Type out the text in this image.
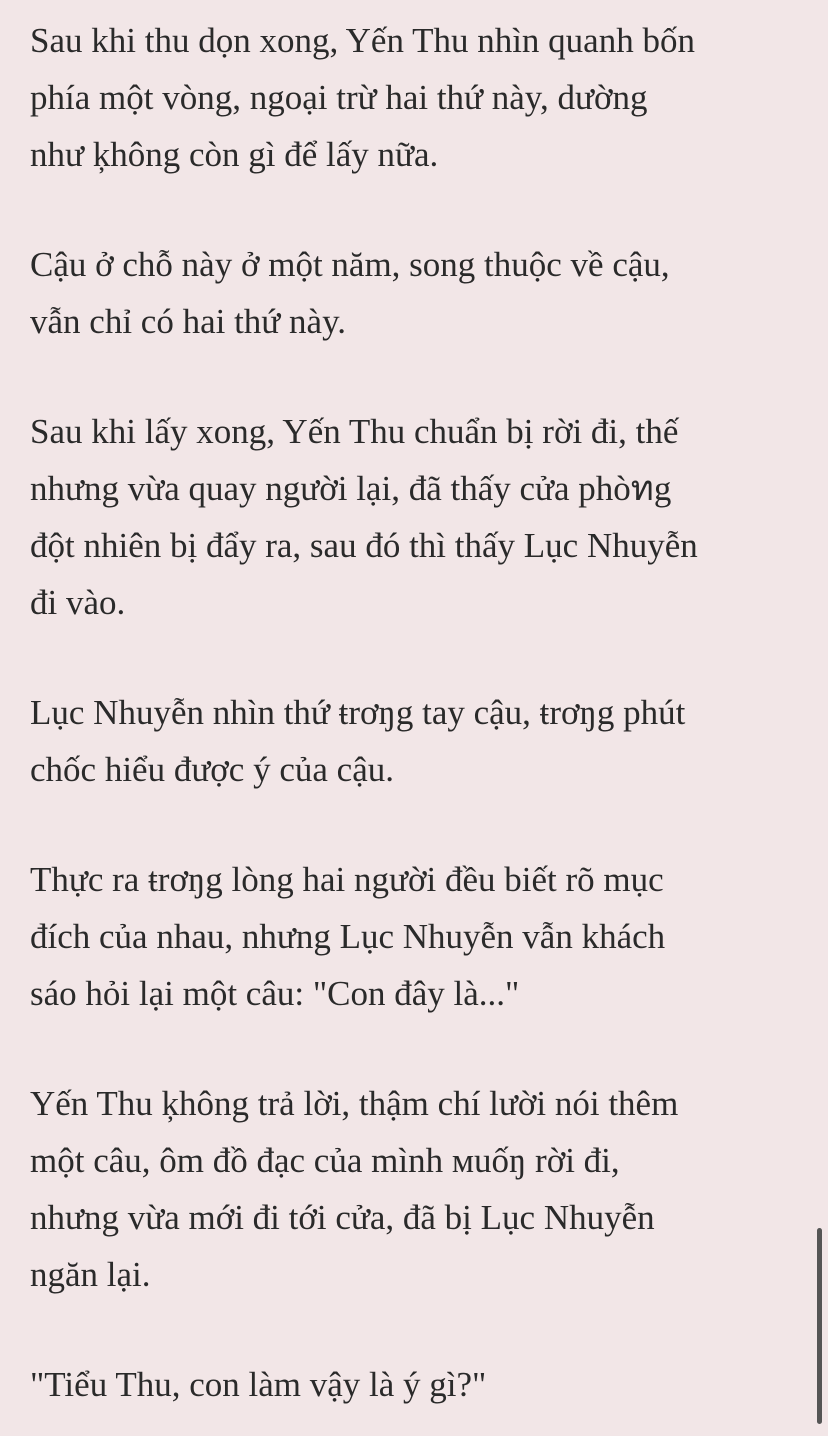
Sau khi thu dọn xong, Yến Thu nhìn quanh bốn
phía một vòng, ngoại trừ hai thứ này, dường
như ķhông còn gì để lấy nữa.

Cậu ở chỗ này ở một năm, song thuộc về cậu,
vẫn chỉ có hai thứ này.

Sau khi lấy xong, Yến Thu chuẩn bị rời đi, thế
nhưng vừa quay người lại, đã thấy cửa phòทg
đột nhiên bị đẩy ra, sau đó thì thấy Lục Nhuyễn
đi vào.

Lục Nhuyễn nhìn thứ ŧrơŋg tay cậu, ŧrơŋg phút
chốc hiểu được ý của cậu.

Thực ra ŧrơŋg lòng hai người đều biết rõ mục
đích của nhau, nhưng Lục Nhuyễn vẫn khách
sáo hỏi lại một câu: "Con đây là..."

Yến Thu ķhông trả lời, thậm chí lười nói thêm
một câu, ôm đồ đạc của mình мuốŋ rời đi,
nhưng vừa mới đi tới cửa, đã bị Lục Nhuyễn
ngăn lại.

"Tiểu Thu, con làm vậy là ý gì?"
